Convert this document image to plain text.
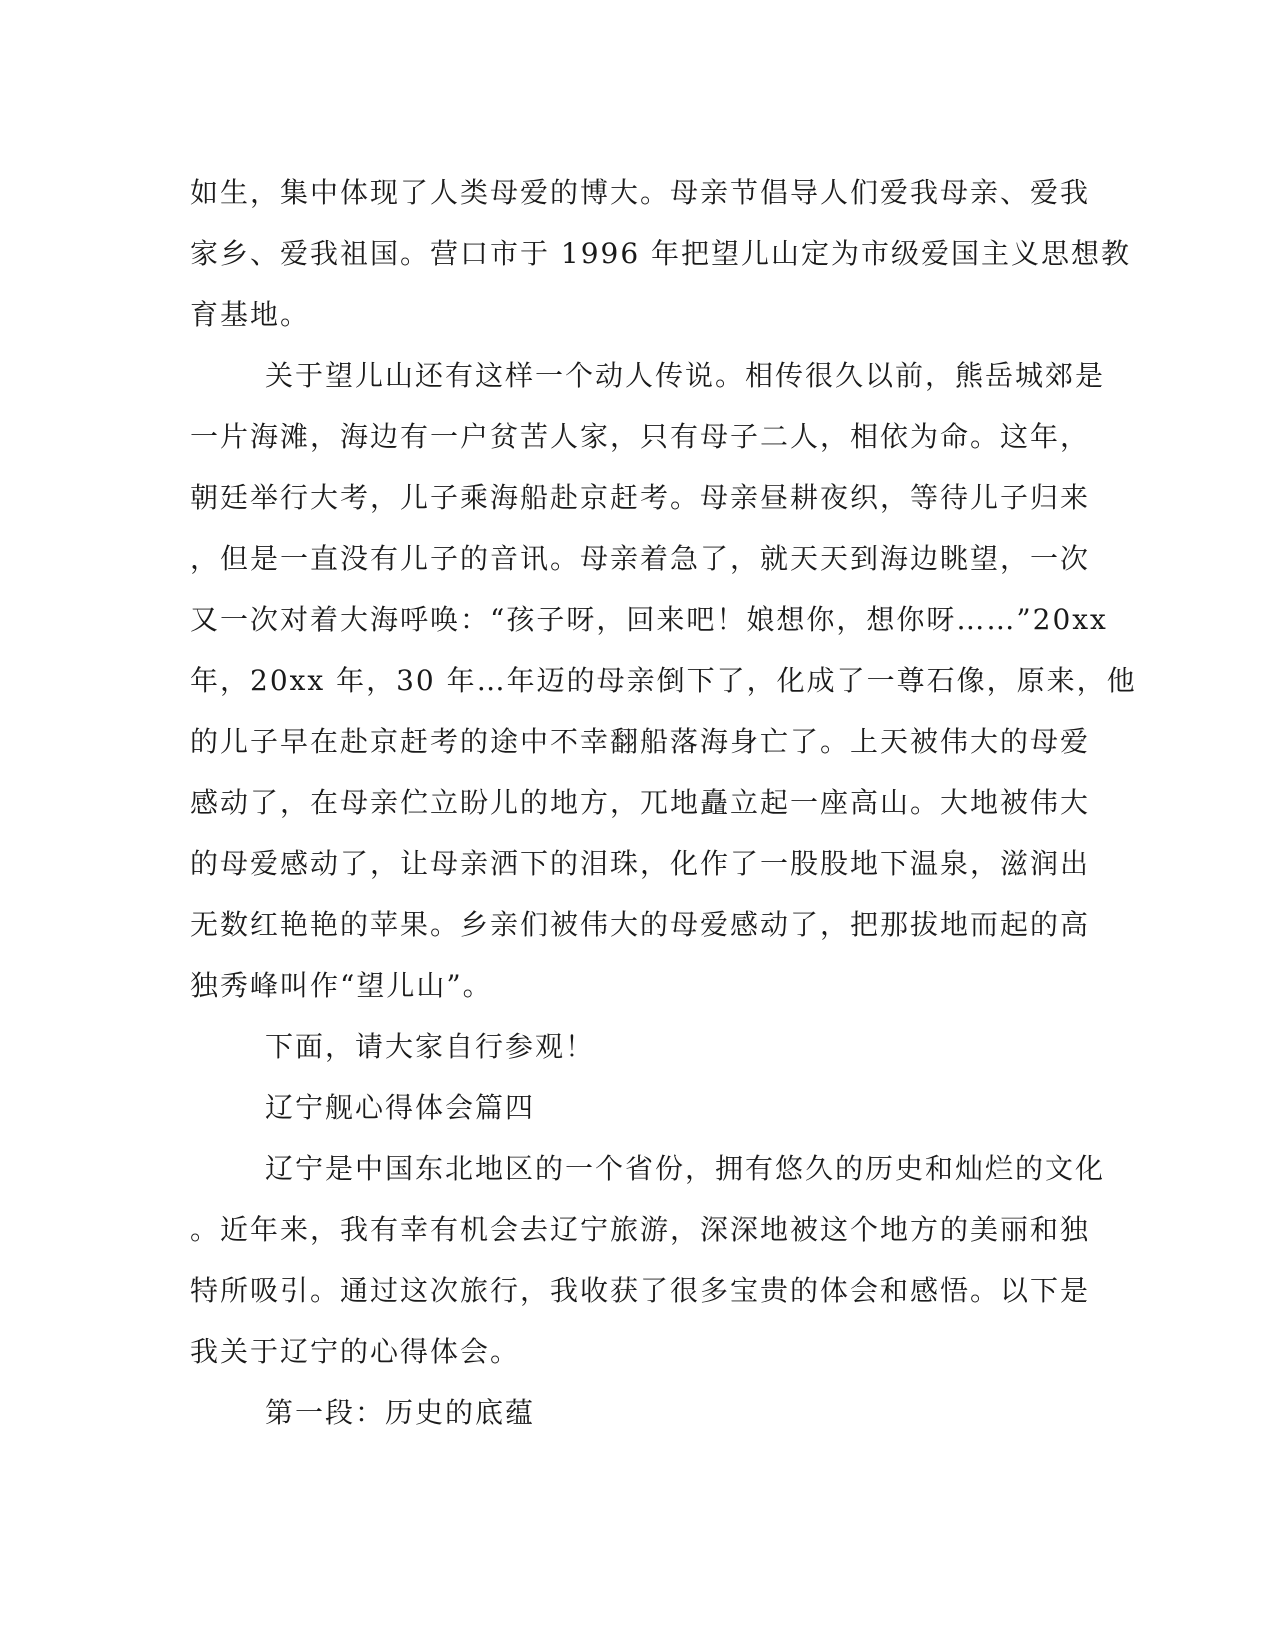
如生，集中体现了人类母爱的博大。母亲节倡导人们爱我母亲、爱我
家乡、爱我祖国。营口市于 1996 年把望儿山定为市级爱国主义思想教
育基地。
关于望儿山还有这样一个动人传说。相传很久以前，熊岳城郊是
一片海滩，海边有一户贫苦人家，只有母子二人，相依为命。这年，
朝廷举行大考，儿子乘海船赴京赶考。母亲昼耕夜织，等待儿子归来
，但是一直没有儿子的音讯。母亲着急了，就天天到海边眺望，一次
又一次对着大海呼唤：“孩子呀，回来吧！娘想你，想你呀……”20xx
年，20xx 年，30 年…年迈的母亲倒下了，化成了一尊石像，原来，他
的儿子早在赴京赶考的途中不幸翻船落海身亡了。上天被伟大的母爱
感动了，在母亲伫立盼儿的地方，兀地矗立起一座高山。大地被伟大
的母爱感动了，让母亲洒下的泪珠，化作了一股股地下温泉，滋润出
无数红艳艳的苹果。乡亲们被伟大的母爱感动了，把那拔地而起的高
独秀峰叫作“望儿山”。
下面，请大家自行参观！
辽宁舰心得体会篇四
辽宁是中国东北地区的一个省份，拥有悠久的历史和灿烂的文化
。近年来，我有幸有机会去辽宁旅游，深深地被这个地方的美丽和独
特所吸引。通过这次旅行，我收获了很多宝贵的体会和感悟。以下是
我关于辽宁的心得体会。
第一段：历史的底蕴
